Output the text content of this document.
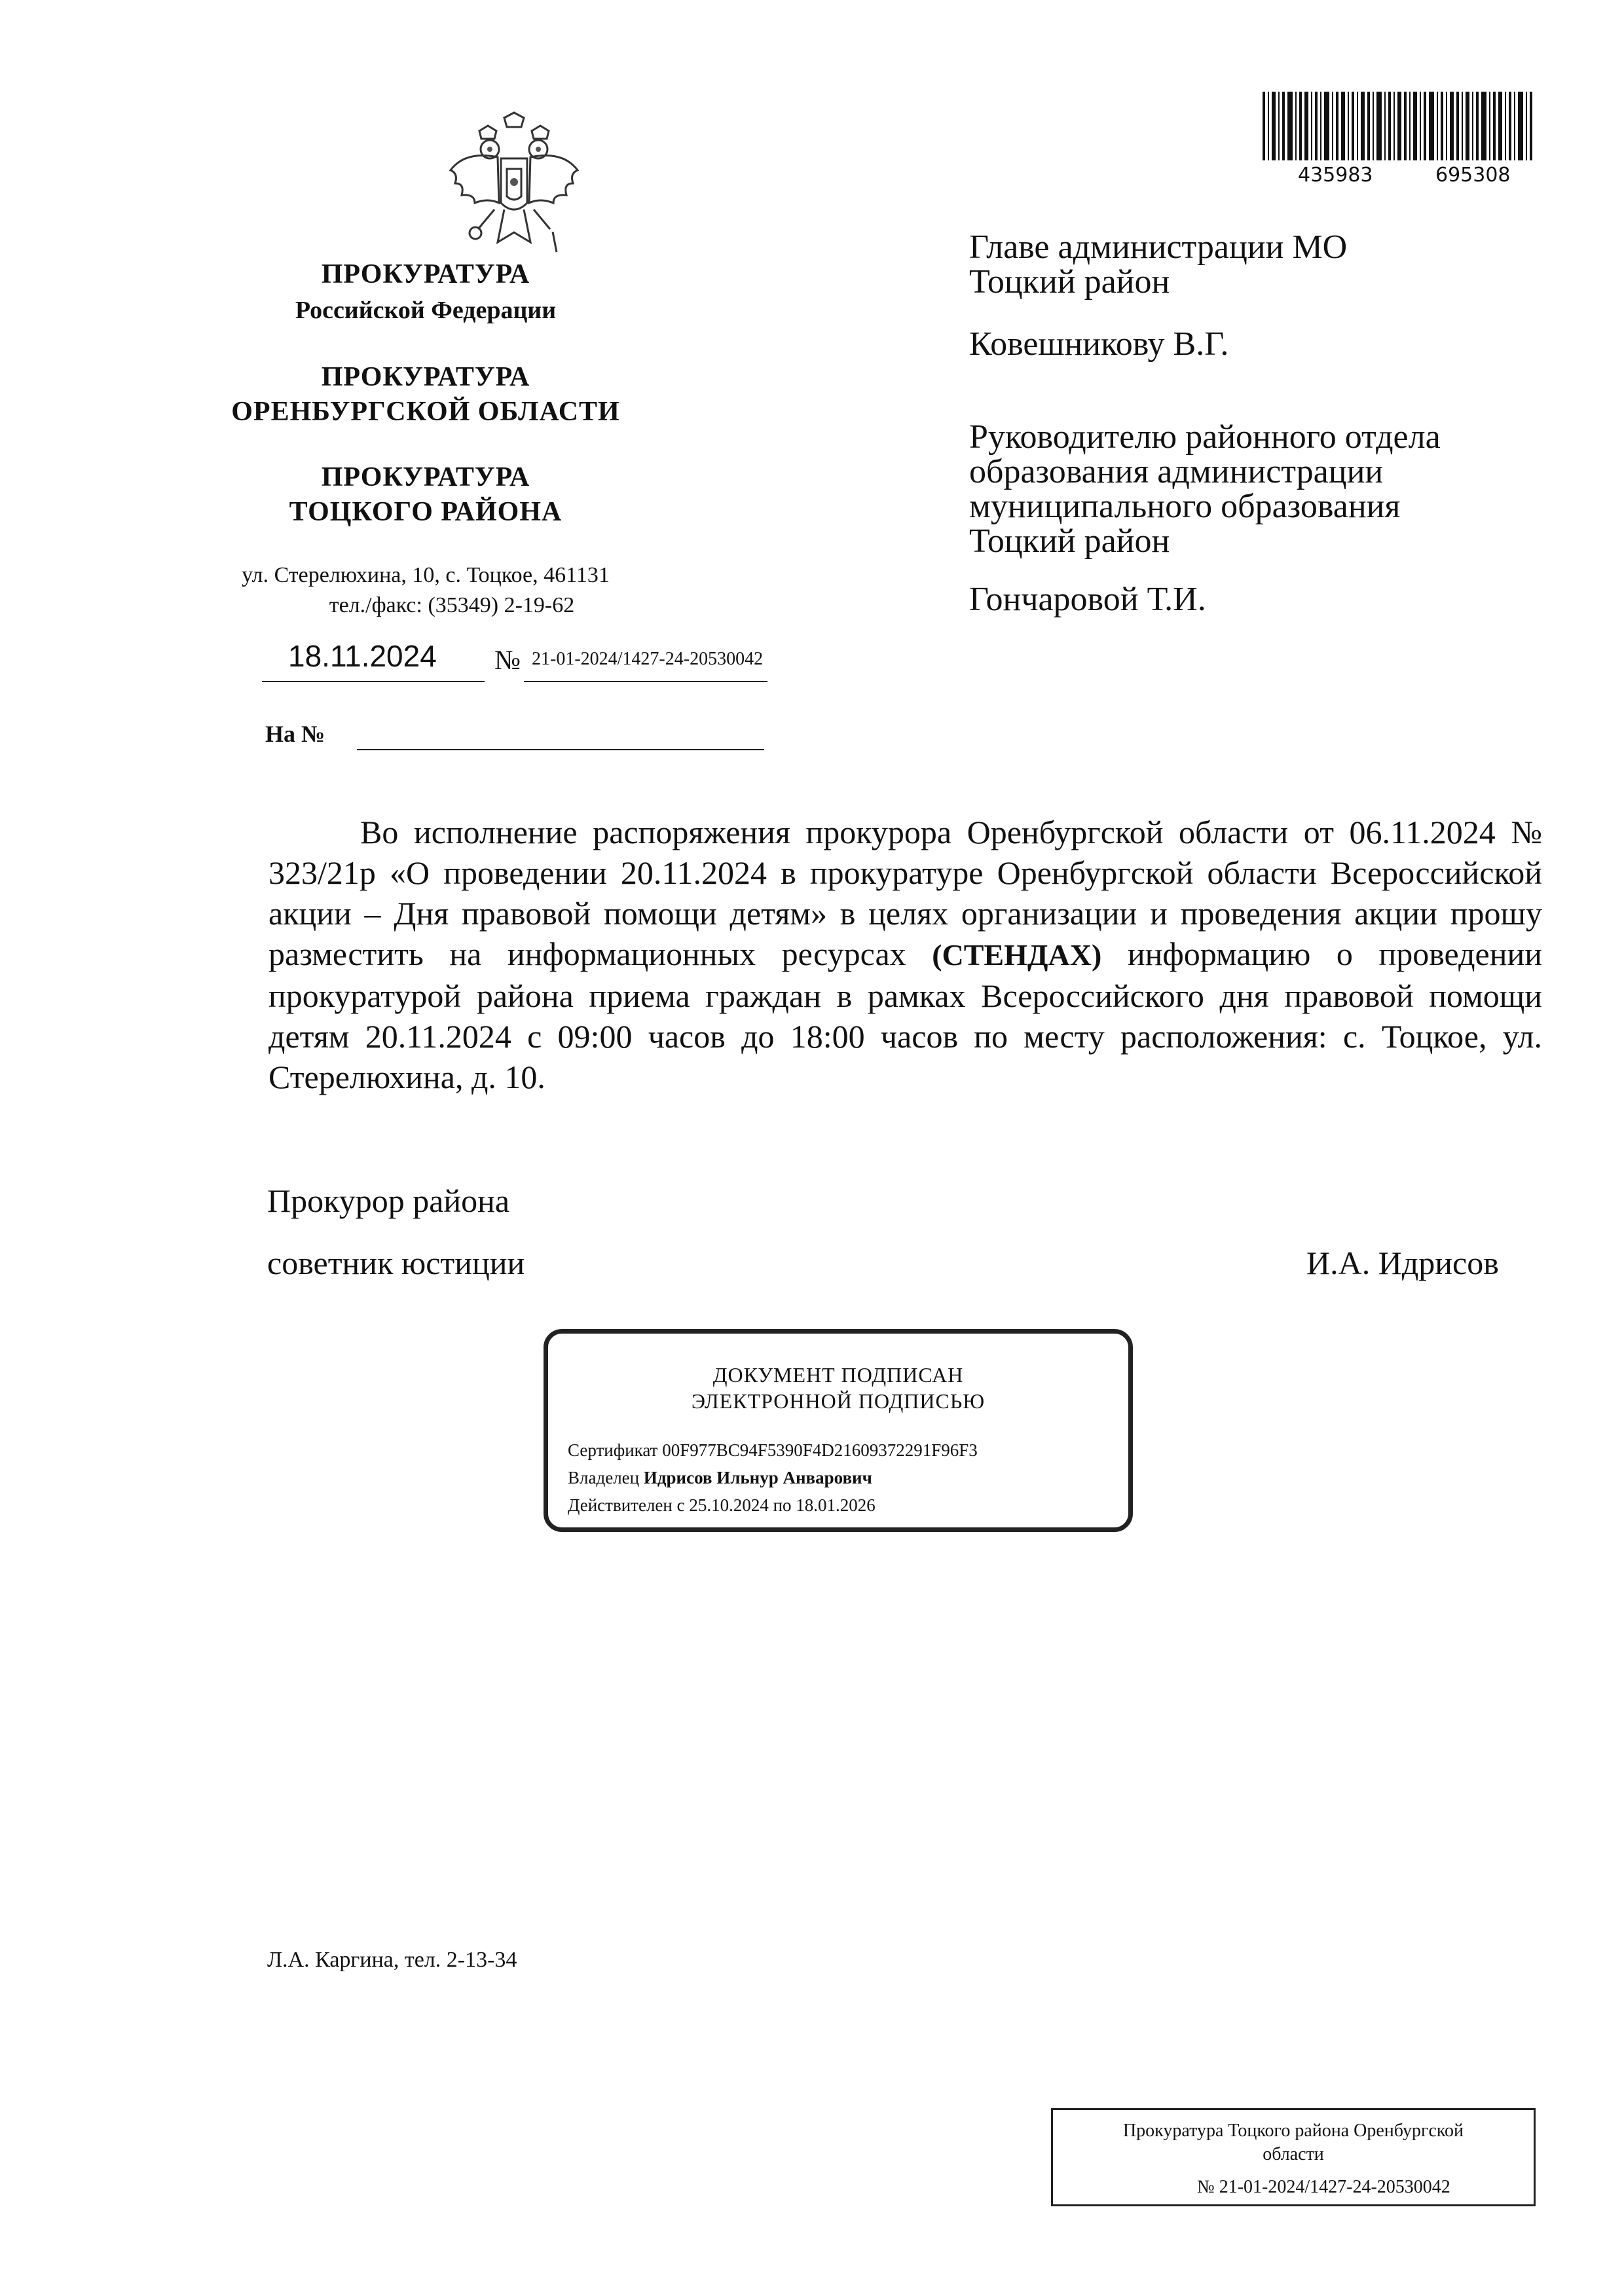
ПРОКУРАТУРА
Российской Федерации
ПРОКУРАТУРА
ОРЕНБУРГСКОЙ ОБЛАСТИ
ПРОКУРАТУРА
ТОЦКОГО РАЙОНА
ул. Стерелюхина, 10, с. Тоцкое, 461131
тел./факс: (35349) 2-19-62
18.11.2024 № 21-01-2024/1427-24-20530042
На №
435983	695308
Главе администрации МО
Тоцкий район
Ковешникову В.Г.
Руководителю районного отдела
образования администрации
муниципального образования
Тоцкий район
Гончаровой Т.И.
Во исполнение распоряжения прокурора Оренбургской области от 06.11.2024 № 323/21р «О проведении 20.11.2024 в прокуратуре Оренбургской области Всероссийской акции – Дня правовой помощи детям» в целях организации и проведения акции прошу разместить на информационных ресурсах (СТЕНДАХ) информацию о проведении прокуратурой района приема граждан в рамках Всероссийского дня правовой помощи детям 20.11.2024 с 09:00 часов до 18:00 часов по месту расположения: с. Тоцкое, ул. Стерелюхина, д. 10.
Прокурор района
советник юстиции	И.А. Идрисов
ДОКУМЕНТ ПОДПИСАН
ЭЛЕКТРОННОЙ ПОДПИСЬЮ
Сертификат 00F977BC94F5390F4D21609372291F96F3
Владелец Идрисов Ильнур Анварович
Действителен с 25.10.2024 по 18.01.2026
Л.А. Каргина, тел. 2-13-34
Прокуратура Тоцкого района Оренбургской
области
№ 21-01-2024/1427-24-20530042
